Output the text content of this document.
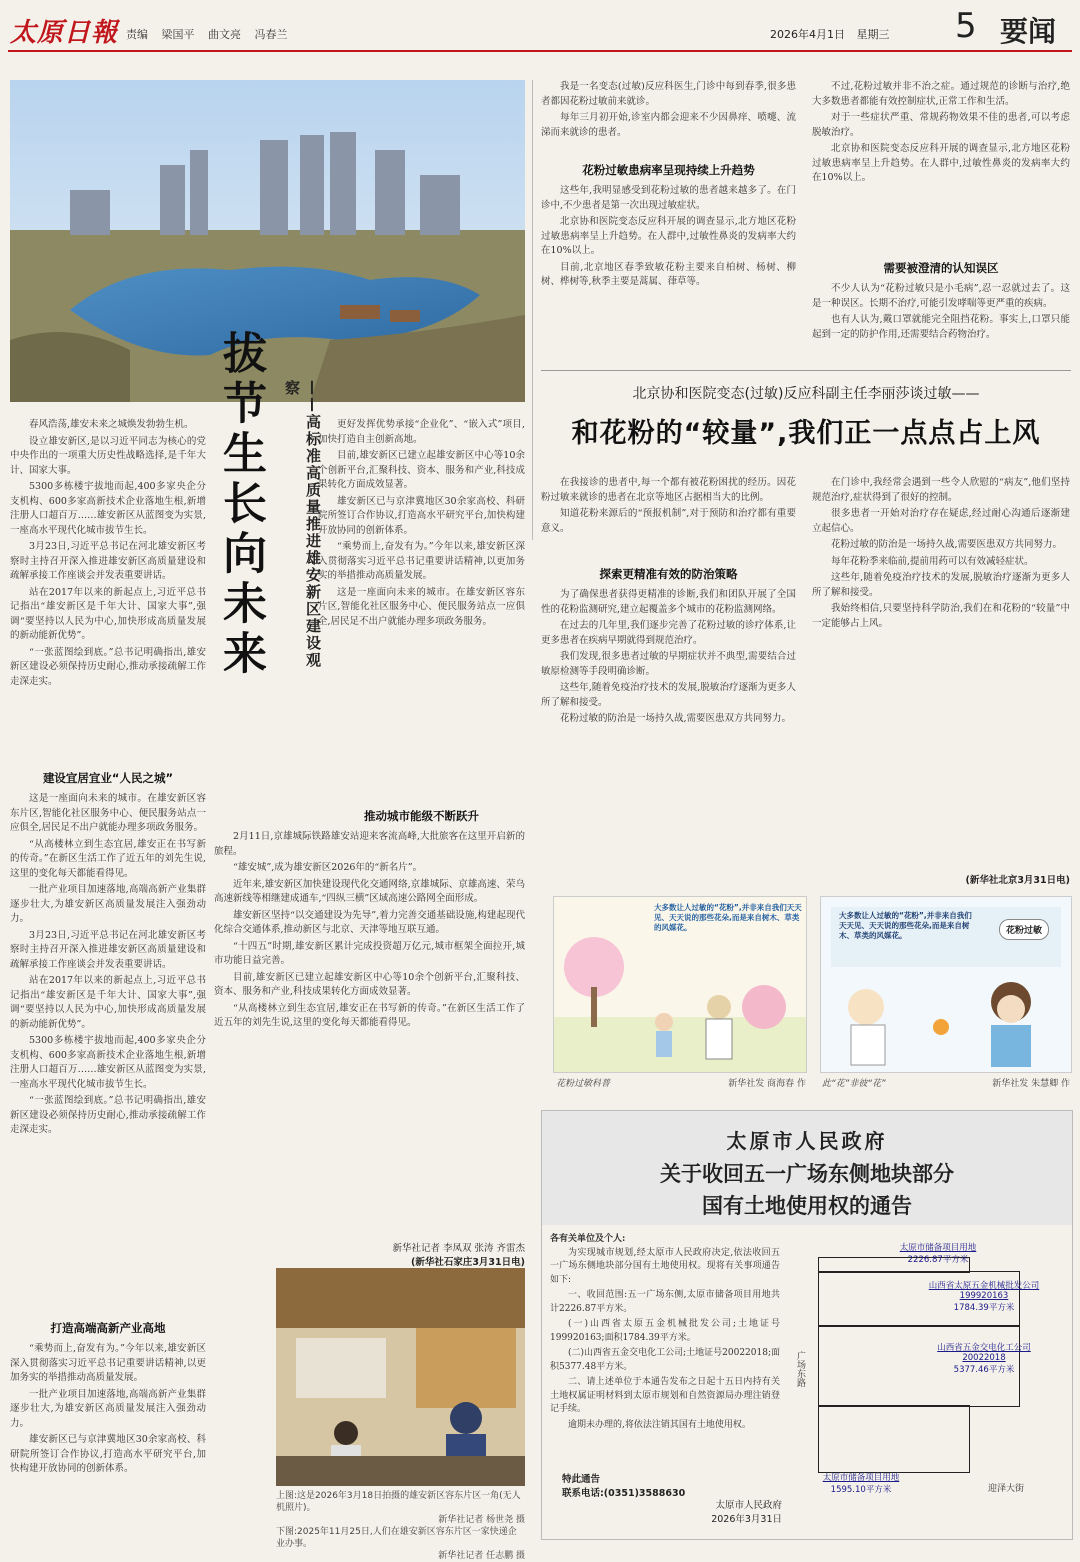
太原日報 责编 梁国平 曲文亮 冯春兰	2026年4月1日 星期三 5 要闻
拔节生长向未来	——高标准高质量推进雄安新区建设观察

春风浩荡,雄安未来之城焕发勃勃生机。

设立雄安新区,是以习近平同志为核心的党中央作出的一项重大历史性战略选择,是千年大计、国家大事。

5300多栋楼宇拔地而起,400多家央企分支机构、600多家高新技术企业落地生根,新增注册人口超百万……雄安新区从蓝图变为实景,一座高水平现代化城市拔节生长。

3月23日,习近平总书记在河北雄安新区考察时主持召开深入推进雄安新区高质量建设和疏解承接工作座谈会并发表重要讲话。

站在2017年以来的新起点上,习近平总书记指出“雄安新区是千年大计、国家大事”,强调“要坚持以人民为中心,加快形成高质量发展的新动能新优势”。

“一张蓝图绘到底。”总书记明确指出,雄安新区建设必须保持历史耐心,推动承接疏解工作走深走实。

建设宜居宜业“人民之城”

这是一座面向未来的城市。在雄安新区容东片区,智能化社区服务中心、便民服务站点一应俱全,居民足不出户就能办理多项政务服务。

“从高楼林立到生态宜居,雄安正在书写新的传奇。”在新区生活工作了近五年的刘先生说,这里的变化每天都能看得见。

一批产业项目加速落地,高端高新产业集群逐步壮大,为雄安新区高质量发展注入强劲动力。

3月23日,习近平总书记在河北雄安新区考察时主持召开深入推进雄安新区高质量建设和疏解承接工作座谈会并发表重要讲话。

站在2017年以来的新起点上,习近平总书记指出“雄安新区是千年大计、国家大事”,强调“要坚持以人民为中心,加快形成高质量发展的新动能新优势”。

5300多栋楼宇拔地而起,400多家央企分支机构、600多家高新技术企业落地生根,新增注册人口超百万……雄安新区从蓝图变为实景,一座高水平现代化城市拔节生长。

“一张蓝图绘到底。”总书记明确指出,雄安新区建设必须保持历史耐心,推动承接疏解工作走深走实。

打造高端高新产业高地

“乘势而上,奋发有为。”今年以来,雄安新区深入贯彻落实习近平总书记重要讲话精神,以更加务实的举措推动高质量发展。

一批产业项目加速落地,高端高新产业集群逐步壮大,为雄安新区高质量发展注入强劲动力。

雄安新区已与京津冀地区30余家高校、科研院所签订合作协议,打造高水平研究平台,加快构建开放协同的创新体系。

更好发挥优势承接“企业化”、“嵌入式”项目,加快打造自主创新高地。

目前,雄安新区已建立起雄安新区中心等10余个创新平台,汇聚科技、资本、服务和产业,科技成果转化方面成效显著。

雄安新区已与京津冀地区30余家高校、科研院所签订合作协议,打造高水平研究平台,加快构建开放协同的创新体系。

“乘势而上,奋发有为。”今年以来,雄安新区深入贯彻落实习近平总书记重要讲话精神,以更加务实的举措推动高质量发展。

这是一座面向未来的城市。在雄安新区容东片区,智能化社区服务中心、便民服务站点一应俱全,居民足不出户就能办理多项政务服务。

推动城市能级不断跃升

2月11日,京雄城际铁路雄安站迎来客流高峰,大批旅客在这里开启新的旅程。

“雄安城”,成为雄安新区2026年的“新名片”。

近年来,雄安新区加快建设现代化交通网络,京雄城际、京雄高速、荣乌高速新线等相继建成通车,“四纵三横”区域高速公路网全面形成。

雄安新区坚持“以交通建设为先导”,着力完善交通基础设施,构建起现代化综合交通体系,推动新区与北京、天津等地互联互通。

“十四五”时期,雄安新区累计完成投资超万亿元,城市框架全面拉开,城市功能日益完善。

目前,雄安新区已建立起雄安新区中心等10余个创新平台,汇聚科技、资本、服务和产业,科技成果转化方面成效显著。

“从高楼林立到生态宜居,雄安正在书写新的传奇。”在新区生活工作了近五年的刘先生说,这里的变化每天都能看得见。

新华社记者 李凤双 张涛 齐雷杰
(新华社石家庄3月31日电)
上图:这是2026年3月18日拍摄的雄安新区容东片区一角(无人机照片)。
新华社记者 杨世尧 摄
下图:2025年11月25日,人们在雄安新区容东片区一家快递企业办事。
新华社记者 任志鹏 摄

我是一名变态(过敏)反应科医生,门诊中每到春季,很多患者都因花粉过敏前来就诊。

每年三月初开始,诊室内都会迎来不少因鼻痒、喷嚏、流涕而来就诊的患者。

花粉过敏患病率呈现持续上升趋势

这些年,我明显感受到花粉过敏的患者越来越多了。在门诊中,不少患者是第一次出现过敏症状。

北京协和医院变态反应科开展的调查显示,北方地区花粉过敏患病率呈上升趋势。在人群中,过敏性鼻炎的发病率大约在10%以上。

目前,北京地区春季致敏花粉主要来自柏树、杨树、柳树、桦树等,秋季主要是蒿属、葎草等。

不过,花粉过敏并非不治之症。通过规范的诊断与治疗,绝大多数患者都能有效控制症状,正常工作和生活。

对于一些症状严重、常规药物效果不佳的患者,可以考虑脱敏治疗。

北京协和医院变态反应科开展的调查显示,北方地区花粉过敏患病率呈上升趋势。在人群中,过敏性鼻炎的发病率大约在10%以上。

需要被澄清的认知误区

不少人认为“花粉过敏只是小毛病”,忍一忍就过去了。这是一种误区。长期不治疗,可能引发哮喘等更严重的疾病。

也有人认为,戴口罩就能完全阻挡花粉。事实上,口罩只能起到一定的防护作用,还需要结合药物治疗。

北京协和医院变态(过敏)反应科副主任李丽莎谈过敏——
和花粉的“较量”,我们正一点点占上风

在我接诊的患者中,每一个都有被花粉困扰的经历。因花粉过敏来就诊的患者在北京等地区占据相当大的比例。

知道花粉来源后的“预报机制”,对于预防和治疗都有重要意义。

探索更精准有效的防治策略

为了确保患者获得更精准的诊断,我们和团队开展了全国性的花粉监测研究,建立起覆盖多个城市的花粉监测网络。

在过去的几年里,我们逐步完善了花粉过敏的诊疗体系,让更多患者在疾病早期就得到规范治疗。

我们发现,很多患者过敏的早期症状并不典型,需要结合过敏原检测等手段明确诊断。

这些年,随着免疫治疗技术的发展,脱敏治疗逐渐为更多人所了解和接受。

花粉过敏的防治是一场持久战,需要医患双方共同努力。

在门诊中,我经常会遇到一些令人欣慰的“病友”,他们坚持规范治疗,症状得到了很好的控制。

很多患者一开始对治疗存在疑虑,经过耐心沟通后逐渐建立起信心。

花粉过敏的防治是一场持久战,需要医患双方共同努力。

每年花粉季来临前,提前用药可以有效减轻症状。

这些年,随着免疫治疗技术的发展,脱敏治疗逐渐为更多人所了解和接受。

我始终相信,只要坚持科学防治,我们在和花粉的“较量”中一定能够占上风。

(新华社北京3月31日电)
大多数让人过敏的“花粉”,并非来自我们天天见、天天说的那些花朵,而是来自树木、草类的风媒花。
花粉过敏科普	新华社发 商海春 作
大多数让人过敏的“花粉”,并非来自我们天天见、天天说的那些花朵,而是来自树木、草类的风媒花。	花粉过敏
此“花”非彼“花”	新华社发 朱慧卿 作
太原市人民政府
关于收回五一广场东侧地块部分
国有土地使用权的通告
各有关单位及个人:

为实现城市规划,经太原市人民政府决定,依法收回五一广场东侧地块部分国有土地使用权。现将有关事项通告如下:

一、收回范围:五一广场东侧,太原市储备项目用地共计2226.87平方米。

(一)山西省太原五金机械批发公司;土地证号199920163;面积1784.39平方米。

(二)山西省五金交电化工公司;土地证号20022018;面积5377.48平方米。

二、请上述单位于本通告发布之日起十五日内持有关土地权属证明材料到太原市规划和自然资源局办理注销登记手续。

逾期未办理的,将依法注销其国有土地使用权。

特此通告
联系电话:(0351)3588630
太原市人民政府
2026年3月31日
太原市储备项目用地
2226.87平方米
山西省太原五金机械批发公司
199920163
1784.39平方米
山西省五金交电化工公司
20022018
5377.46平方米
太原市储备项目用地
1595.10平方米
广场东路
迎泽大街
